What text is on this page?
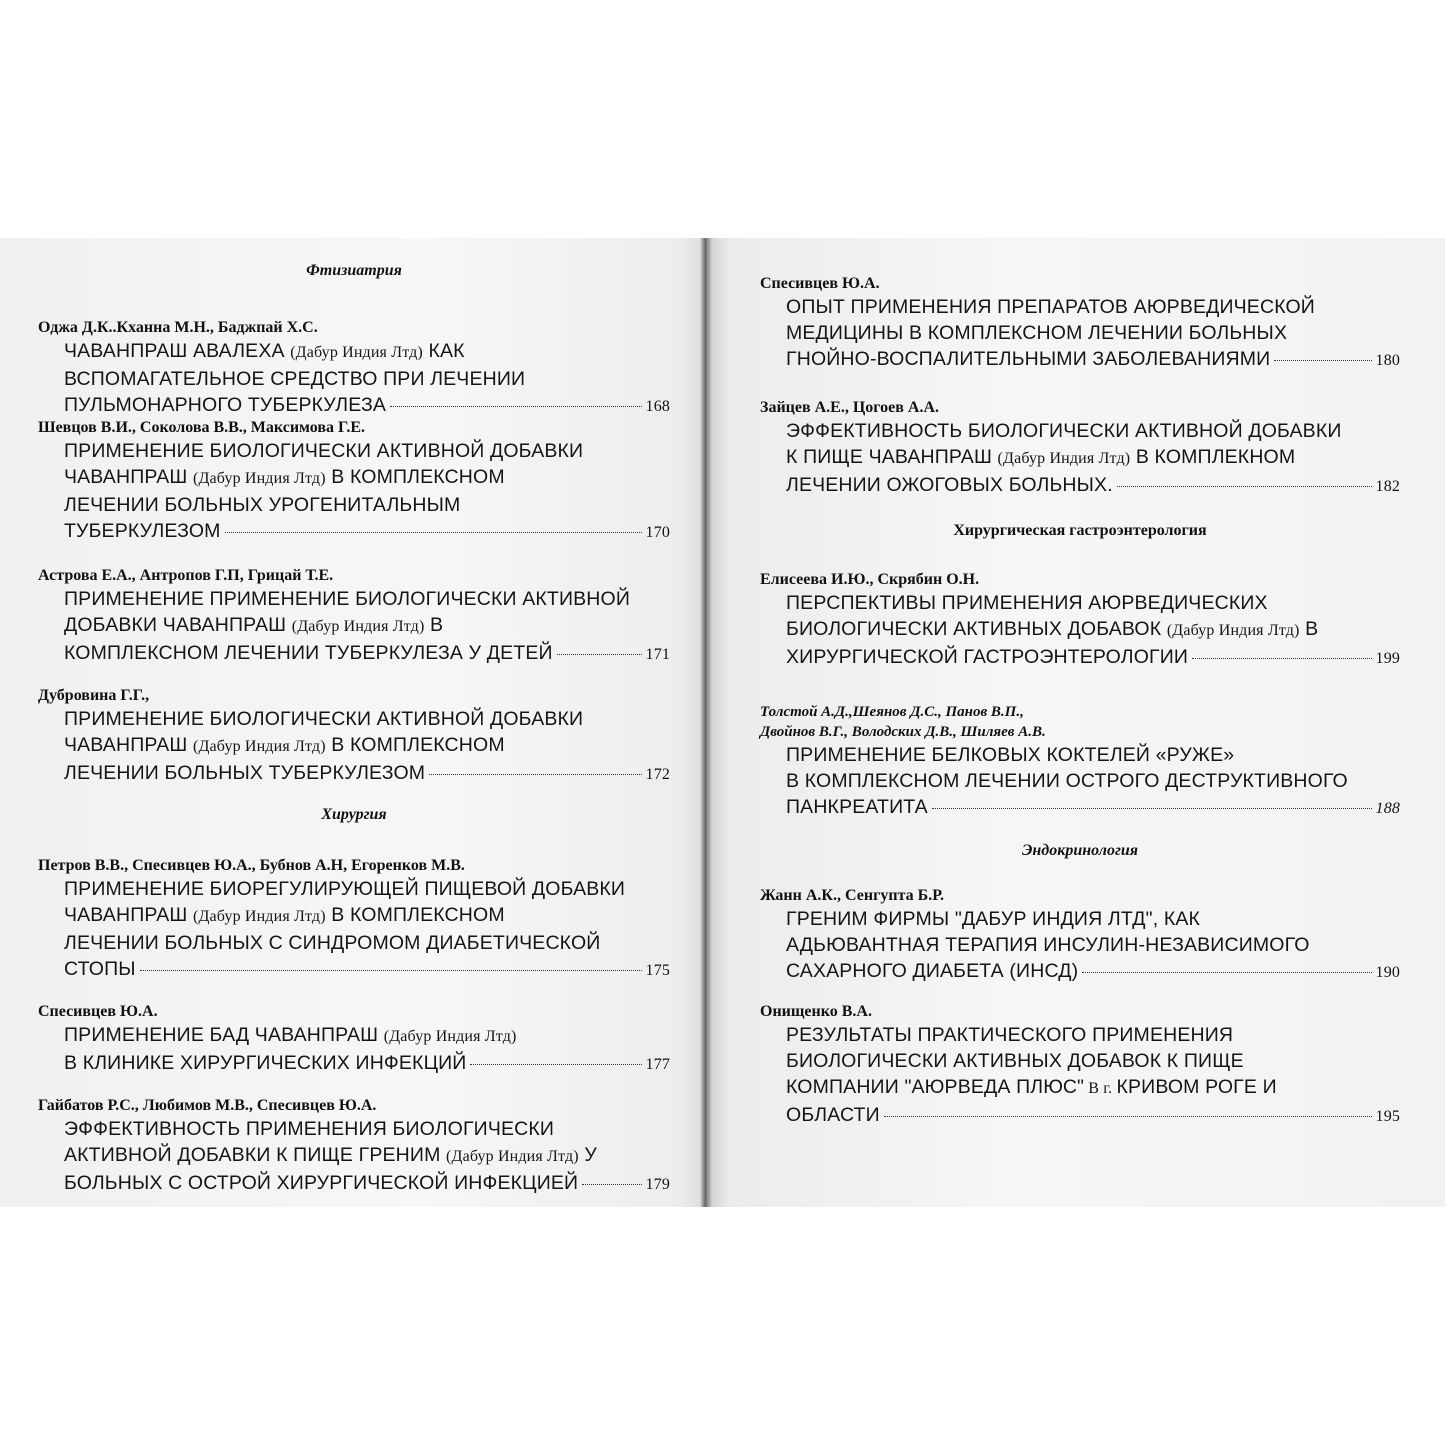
Фтизиатрия
Оджа Д.К..Кханна М.Н., Баджпай Х.С.
ЧАВАНПРАШ АВАЛЕХА (Дабур Индия Лтд) КАК
ВСПОМАГАТЕЛЬНОЕ СРЕДСТВО ПРИ ЛЕЧЕНИИ
ПУЛЬМОНАРНОГО ТУБЕРКУЛЕЗА	168
Шевцов В.И., Соколова В.В., Максимова Г.Е.
ПРИМЕНЕНИЕ БИОЛОГИЧЕСКИ АКТИВНОЙ ДОБАВКИ
ЧАВАНПРАШ (Дабур Индия Лтд) В КОМПЛЕКСНОМ
ЛЕЧЕНИИ БОЛЬНЫХ УРОГЕНИТАЛЬНЫМ
ТУБЕРКУЛЕЗОМ	170
Астрова Е.А., Антропов Г.П, Грицай Т.Е.
ПРИМЕНЕНИЕ ПРИМЕНЕНИЕ БИОЛОГИЧЕСКИ АКТИВНОЙ
ДОБАВКИ ЧАВАНПРАШ (Дабур Индия Лтд) В
КОМПЛЕКСНОМ ЛЕЧЕНИИ ТУБЕРКУЛЕЗА У ДЕТЕЙ	171
Дубровина Г.Г.,
ПРИМЕНЕНИЕ БИОЛОГИЧЕСКИ АКТИВНОЙ ДОБАВКИ
ЧАВАНПРАШ (Дабур Индия Лтд) В КОМПЛЕКСНОМ
ЛЕЧЕНИИ БОЛЬНЫХ ТУБЕРКУЛЕЗОМ	172
Хирургия
Петров В.В., Спесивцев Ю.А., Бубнов А.Н, Егоренков М.В.
ПРИМЕНЕНИЕ БИОРЕГУЛИРУЮЩЕЙ ПИЩЕВОЙ ДОБАВКИ
ЧАВАНПРАШ (Дабур Индия Лтд) В КОМПЛЕКСНОМ
ЛЕЧЕНИИ БОЛЬНЫХ С СИНДРОМОМ ДИАБЕТИЧЕСКОЙ
СТОПЫ	175
Спесивцев Ю.А.
ПРИМЕНЕНИЕ БАД ЧАВАНПРАШ (Дабур Индия Лтд)
В КЛИНИКЕ ХИРУРГИЧЕСКИХ ИНФЕКЦИЙ	177
Гайбатов Р.С., Любимов М.В., Спесивцев Ю.А.
ЭФФЕКТИВНОСТЬ ПРИМЕНЕНИЯ БИОЛОГИЧЕСКИ
АКТИВНОЙ ДОБАВКИ К ПИЩЕ ГРЕНИМ (Дабур Индия Лтд) У
БОЛЬНЫХ С ОСТРОЙ ХИРУРГИЧЕСКОЙ ИНФЕКЦИЕЙ	179
Спесивцев Ю.А.
ОПЫТ ПРИМЕНЕНИЯ ПРЕПАРАТОВ АЮРВЕДИЧЕСКОЙ
МЕДИЦИНЫ В КОМПЛЕКСНОМ ЛЕЧЕНИИ БОЛЬНЫХ
ГНОЙНО-ВОСПАЛИТЕЛЬНЫМИ ЗАБОЛЕВАНИЯМИ	180
Зайцев А.Е., Цогоев А.А.
ЭФФЕКТИВНОСТЬ БИОЛОГИЧЕСКИ АКТИВНОЙ ДОБАВКИ
К ПИЩЕ ЧАВАНПРАШ (Дабур Индия Лтд) В КОМПЛЕКНОМ
ЛЕЧЕНИИ ОЖОГОВЫХ БОЛЬНЫХ.	182
Хирургическая гастроэнтерология
Елисеева И.Ю., Скрябин О.Н.
ПЕРСПЕКТИВЫ ПРИМЕНЕНИЯ АЮРВЕДИЧЕСКИХ
БИОЛОГИЧЕСКИ АКТИВНЫХ ДОБАВОК (Дабур Индия Лтд) В
ХИРУРГИЧЕСКОЙ ГАСТРОЭНТЕРОЛОГИИ	199
Толстой А.Д.,Шеянов Д.С., Панов В.П.,
Двойнов В.Г., Володских Д.В., Шиляев А.В.
ПРИМЕНЕНИЕ БЕЛКОВЫХ КОКТЕЛЕЙ «РУЖЕ»
В КОМПЛЕКСНОМ ЛЕЧЕНИИ ОСТРОГО ДЕСТРУКТИВНОГО
ПАНКРЕАТИТА	188
Эндокринология
Жанн А.К., Сенгупта Б.Р.
ГРЕНИМ ФИРМЫ "ДАБУР ИНДИЯ ЛТД", КАК
АДЬЮВАНТНАЯ ТЕРАПИЯ ИНСУЛИН-НЕЗАВИСИМОГО
САХАРНОГО ДИАБЕТА (ИНСД)	190
Онищенко В.А.
РЕЗУЛЬТАТЫ ПРАКТИЧЕСКОГО ПРИМЕНЕНИЯ
БИОЛОГИЧЕСКИ АКТИВНЫХ ДОБАВОК К ПИЩЕ
КОМПАНИИ "АЮРВЕДА ПЛЮС" В г. КРИВОМ РОГЕ И
ОБЛАСТИ	195
